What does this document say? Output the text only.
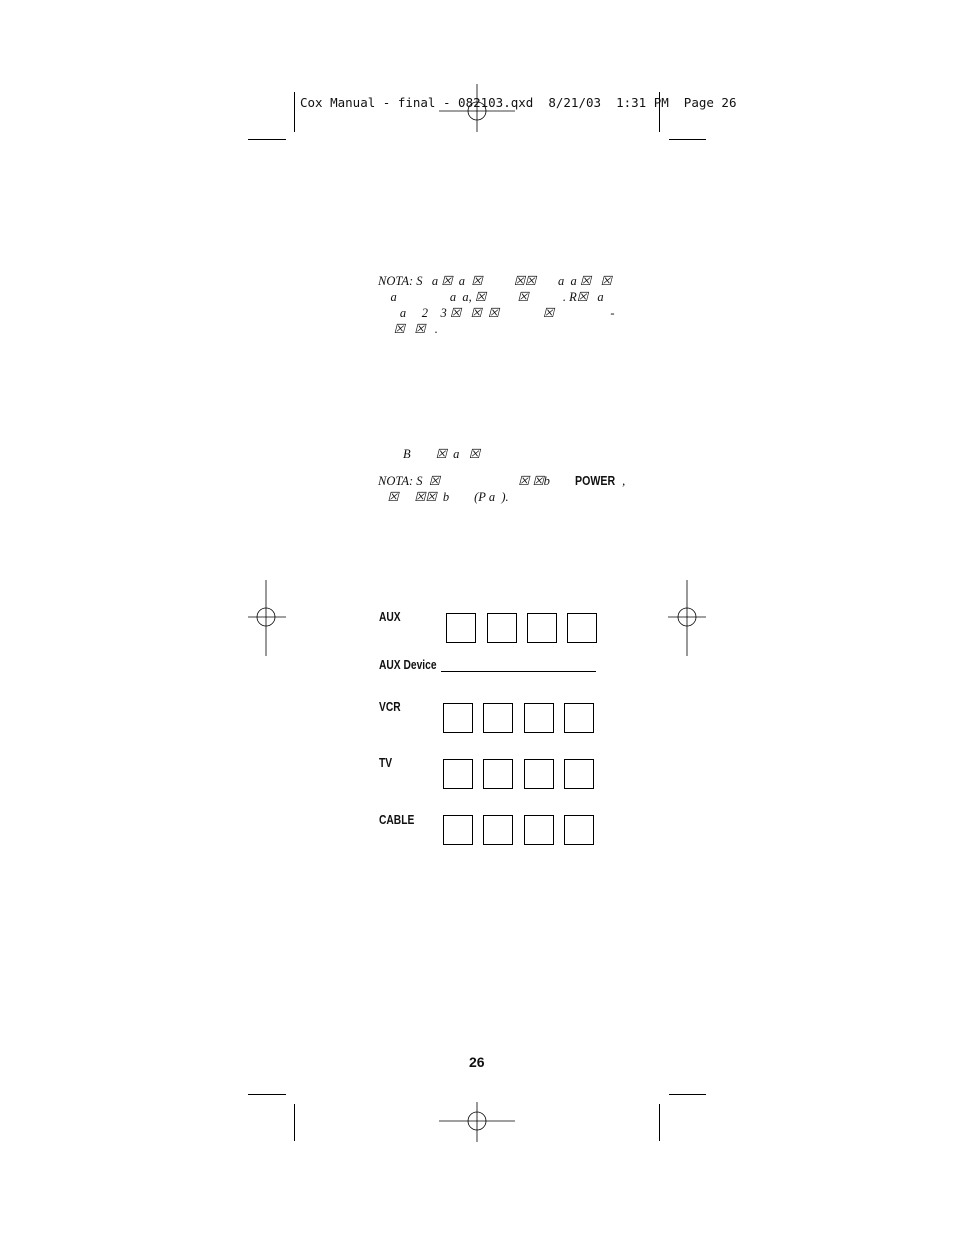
Cox Manual - final - 082103.qxd  8/21/03  1:31 PM  Page 26
NOTA: S   a ☒  a  ☒          ☒☒       a  a ☒   ☒
a                 a  a, ☒          ☒           . R☒   a
a     2    3 ☒   ☒  ☒              ☒                  -
☒   ☒   .
B        ☒  a   ☒
NOTA: S  ☒                         ☒ ☒b        POWER ,
☒     ☒☒  b        (P a  ).
AUX
AUX Device
VCR
TV
CABLE
26
